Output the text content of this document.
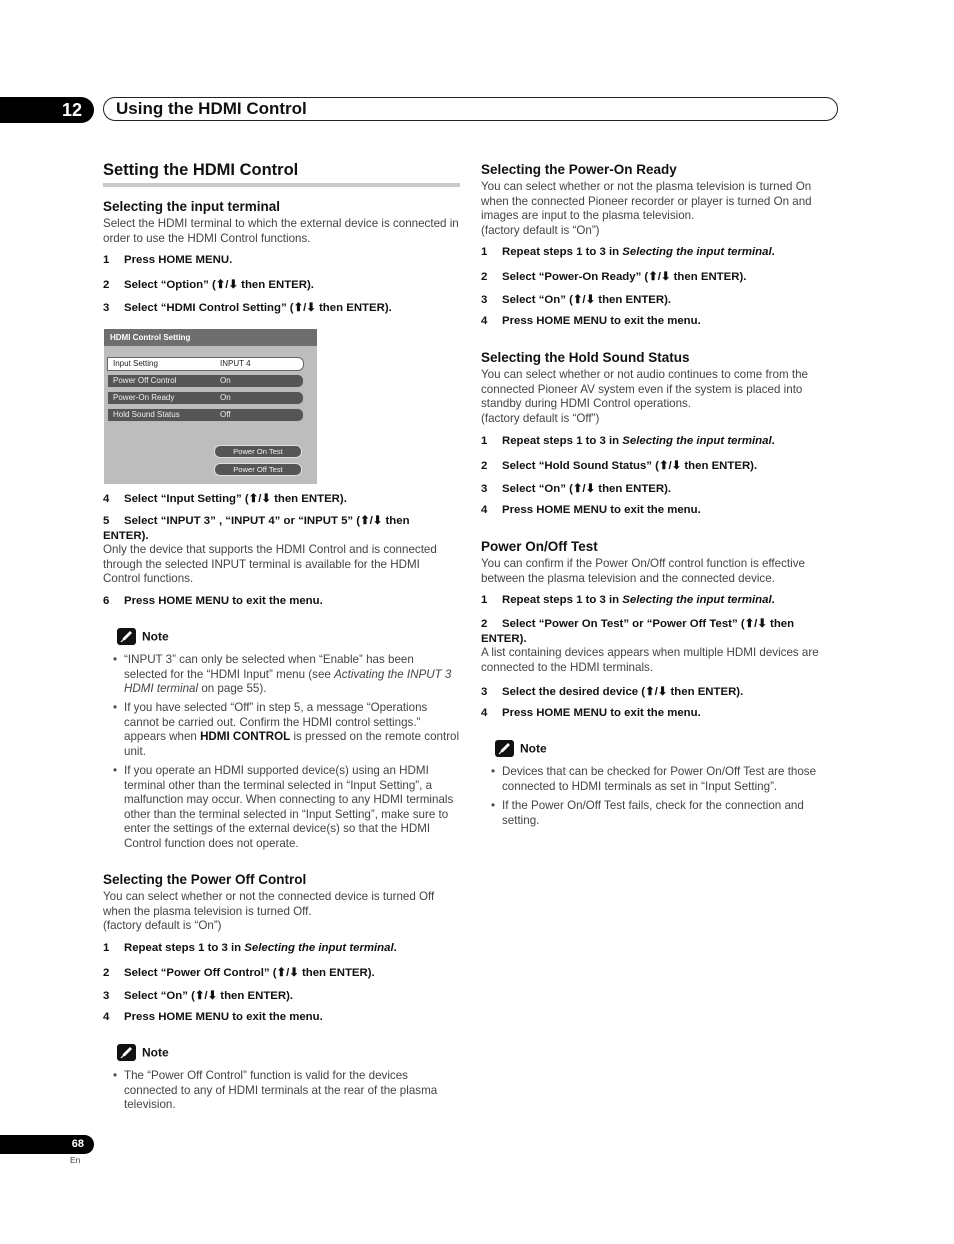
12	Using the HDMI Control
Setting the HDMI Control
Selecting the input terminal
Select the HDMI terminal to which the external device is connected in order to use the HDMI Control functions.
1 Press HOME MENU.
2 Select “Option” (⬆/⬇ then ENTER).
3 Select “HDMI Control Setting” (⬆/⬇ then ENTER).
4 Select “Input Setting” (⬆/⬇ then ENTER).
5 Select “INPUT 3” , “INPUT 4” or “INPUT 5” (⬆/⬇ then ENTER).
Only the device that supports the HDMI Control and is connected through the selected INPUT terminal is available for the HDMI Control functions.
6 Press HOME MENU to exit the menu.
Note
• “INPUT 3” can only be selected when “Enable” has been selected for the “HDMI Input” menu (see Activating the INPUT 3 HDMI terminal on page 55).
• If you have selected “Off” in step 5, a message “Operations cannot be carried out. Confirm the HDMI control settings.” appears when HDMI CONTROL is pressed on the remote control unit.
• If you operate an HDMI supported device(s) using an HDMI terminal other than the terminal selected in “Input Setting”, a malfunction may occur. When connecting to any HDMI terminals other than the terminal selected in “Input Setting”, make sure to enter the settings of the external device(s) so that the HDMI Control function does not operate.
Selecting the Power Off Control
You can select whether or not the connected device is turned Off when the plasma television is turned Off.
(factory default is “On”)
1 Repeat steps 1 to 3 in Selecting the input terminal.
2 Select “Power Off Control” (⬆/⬇ then ENTER).
3 Select “On” (⬆/⬇ then ENTER).
4 Press HOME MENU to exit the menu.
Note
• The “Power Off Control” function is valid for the devices connected to any of HDMI terminals at the rear of the plasma television.
HDMI Control Setting
Input Setting	INPUT 4
Power Off Control	On
Power-On Ready	On
Hold Sound Status	Off
Power On Test
Power Off Test
Selecting the Power-On Ready
You can select whether or not the plasma television is turned On when the connected Pioneer recorder or player is turned On and images are input to the plasma television.
(factory default is “On”)
1 Repeat steps 1 to 3 in Selecting the input terminal.
2 Select “Power-On Ready” (⬆/⬇ then ENTER).
3 Select “On” (⬆/⬇ then ENTER).
4 Press HOME MENU to exit the menu.
Selecting the Hold Sound Status
You can select whether or not audio continues to come from the connected Pioneer AV system even if the system is placed into standby during HDMI Control operations.
(factory default is “Off”)
1 Repeat steps 1 to 3 in Selecting the input terminal.
2 Select “Hold Sound Status” (⬆/⬇ then ENTER).
3 Select “On” (⬆/⬇ then ENTER).
4 Press HOME MENU to exit the menu.
Power On/Off Test
You can confirm if the Power On/Off control function is effective between the plasma television and the connected device.
1 Repeat steps 1 to 3 in Selecting the input terminal.
2 Select “Power On Test” or “Power Off Test” (⬆/⬇ then ENTER).
A list containing devices appears when multiple HDMI devices are connected to the HDMI terminals.
3 Select the desired device (⬆/⬇ then ENTER).
4 Press HOME MENU to exit the menu.
Note
• Devices that can be checked for Power On/Off Test are those connected to HDMI terminals as set in “Input Setting”.
• If the Power On/Off Test fails, check for the connection and setting.
68
En
